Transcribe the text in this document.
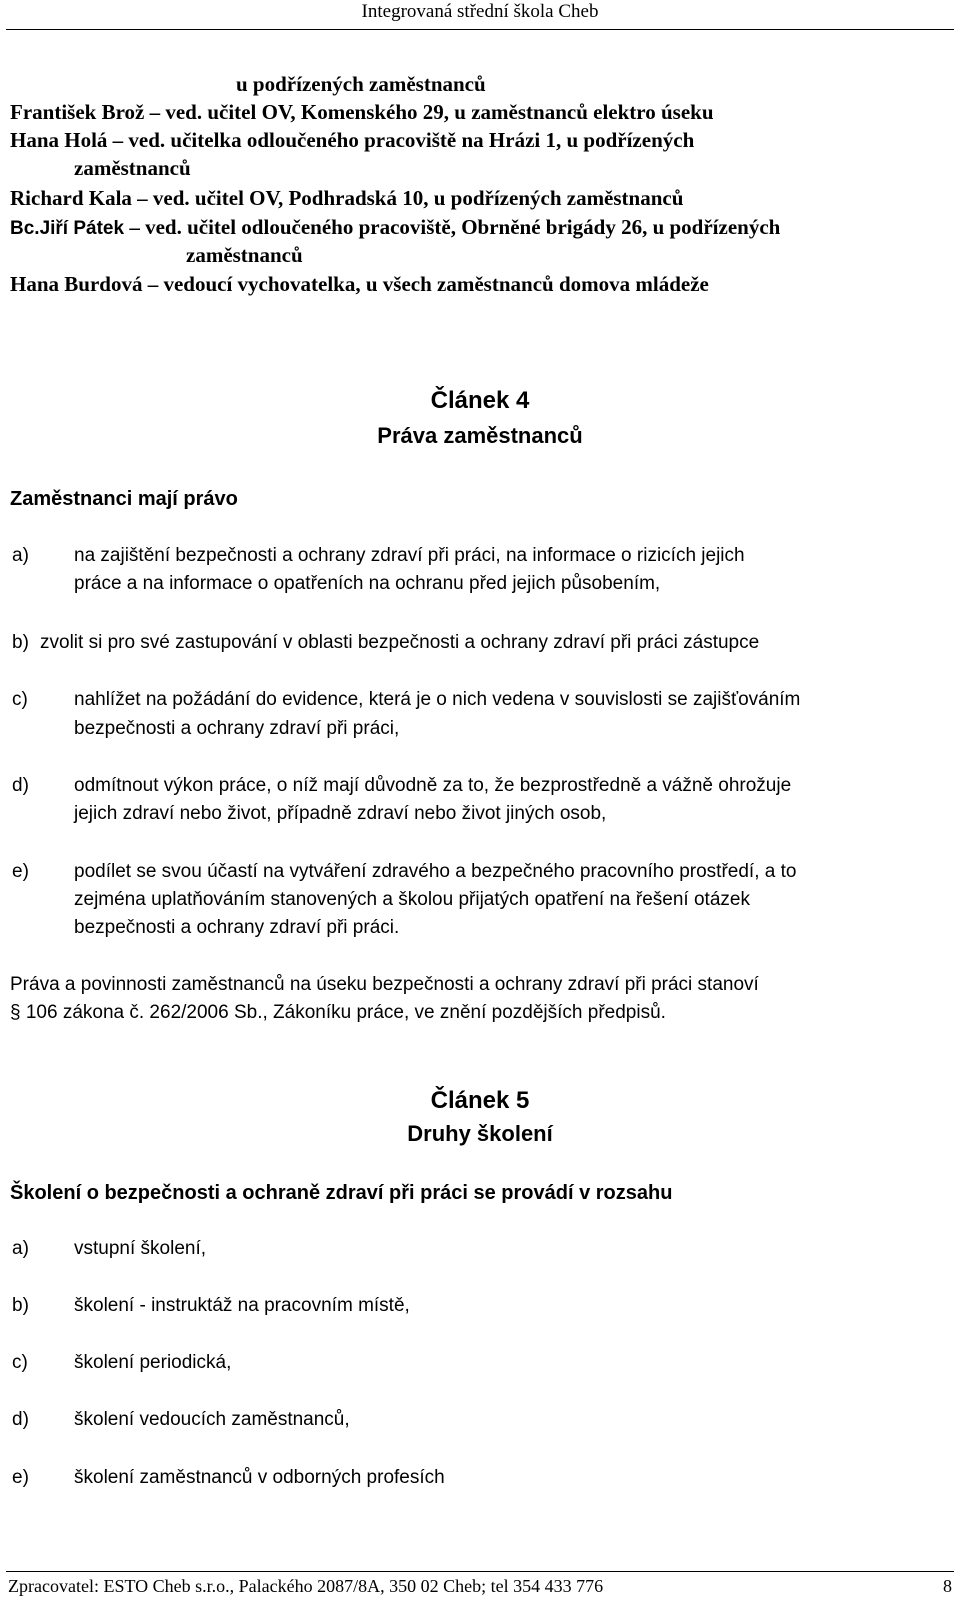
Integrovaná střední škola Cheb
u podřízených zaměstnanců
František Brož – ved. učitel OV, Komenského 29, u zaměstnanců elektro úseku
Hana Holá – ved. učitelka odloučeného pracoviště na Hrázi 1, u podřízených
zaměstnanců
Richard Kala – ved. učitel OV, Podhradská 10, u podřízených zaměstnanců
Bc.Jiří Pátek – ved. učitel odloučeného pracoviště, Obrněné brigády 26, u podřízených
zaměstnanců
Hana Burdová – vedoucí vychovatelka, u všech zaměstnanců domova mládeže
Článek 4
Práva zaměstnanců
Zaměstnanci mají právo
a) na zajištění bezpečnosti a ochrany zdraví při práci, na informace o rizicích jejich
práce a na informace o opatřeních na ochranu před jejich působením,
b) zvolit si pro své zastupování v oblasti bezpečnosti a ochrany zdraví při práci zástupce
c) nahlížet na požádání do evidence, která je o nich vedena v souvislosti se zajišťováním
bezpečnosti a ochrany zdraví při práci,
d) odmítnout výkon práce, o níž mají důvodně za to, že bezprostředně a vážně ohrožuje
jejich zdraví nebo život, případně zdraví nebo život jiných osob,
e) podílet se svou účastí na vytváření zdravého a bezpečného pracovního prostředí, a to
zejména uplatňováním stanovených a školou přijatých opatření na řešení otázek
bezpečnosti a ochrany zdraví při práci.
Práva a povinnosti zaměstnanců na úseku bezpečnosti a ochrany zdraví při práci stanoví
§ 106 zákona č. 262/2006 Sb., Zákoníku práce, ve znění pozdějších předpisů.
Článek 5
Druhy školení
Školení o bezpečnosti a ochraně zdraví při práci se provádí v rozsahu
a) vstupní školení,
b) školení - instruktáž na pracovním místě,
c) školení periodická,
d) školení vedoucích zaměstnanců,
e) školení zaměstnanců v odborných profesích
Zpracovatel: ESTO Cheb s.r.o., Palackého 2087/8A, 350 02 Cheb; tel 354 433 776	8
